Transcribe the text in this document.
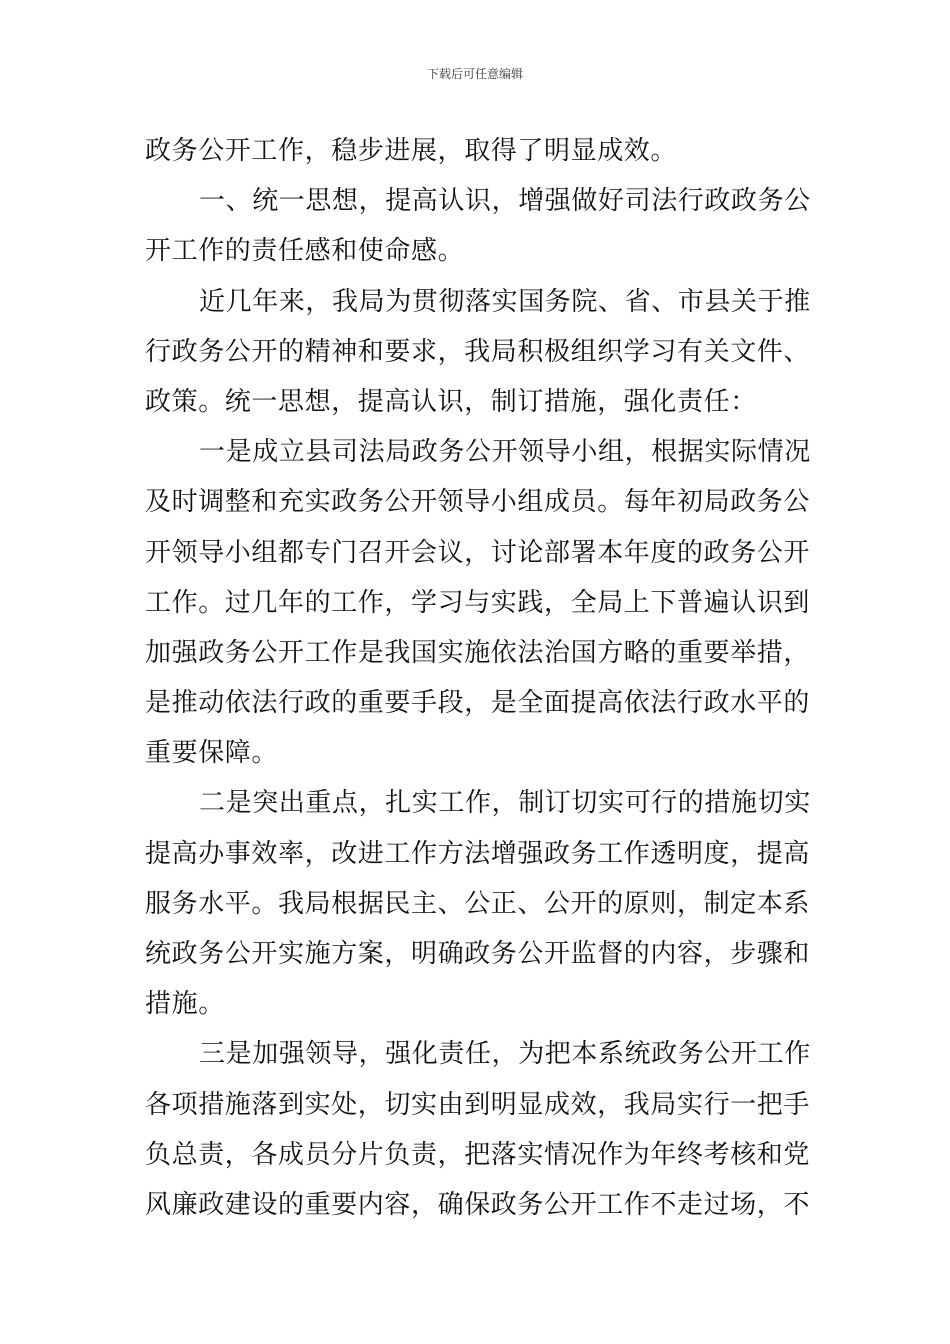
下载后可任意编辑
政务公开工作，稳步进展，取得了明显成效。
一、统一思想，提高认识，增强做好司法行政政务公
开工作的责任感和使命感。
近几年来，我局为贯彻落实国务院、省、市县关于推
行政务公开的精神和要求，我局积极组织学习有关文件、
政策。统一思想，提高认识，制订措施，强化责任：
一是成立县司法局政务公开领导小组，根据实际情况
及时调整和充实政务公开领导小组成员。每年初局政务公
开领导小组都专门召开会议，讨论部署本年度的政务公开
工作。过几年的工作，学习与实践，全局上下普遍认识到
加强政务公开工作是我国实施依法治国方略的重要举措，
是推动依法行政的重要手段，是全面提高依法行政水平的
重要保障。
二是突出重点，扎实工作，制订切实可行的措施切实
提高办事效率，改进工作方法增强政务工作透明度，提高
服务水平。我局根据民主、公正、公开的原则，制定本系
统政务公开实施方案，明确政务公开监督的内容，步骤和
措施。
三是加强领导，强化责任，为把本系统政务公开工作
各项措施落到实处，切实由到明显成效，我局实行一把手
负总责，各成员分片负责，把落实情况作为年终考核和党
风廉政建设的重要内容，确保政务公开工作不走过场，不
